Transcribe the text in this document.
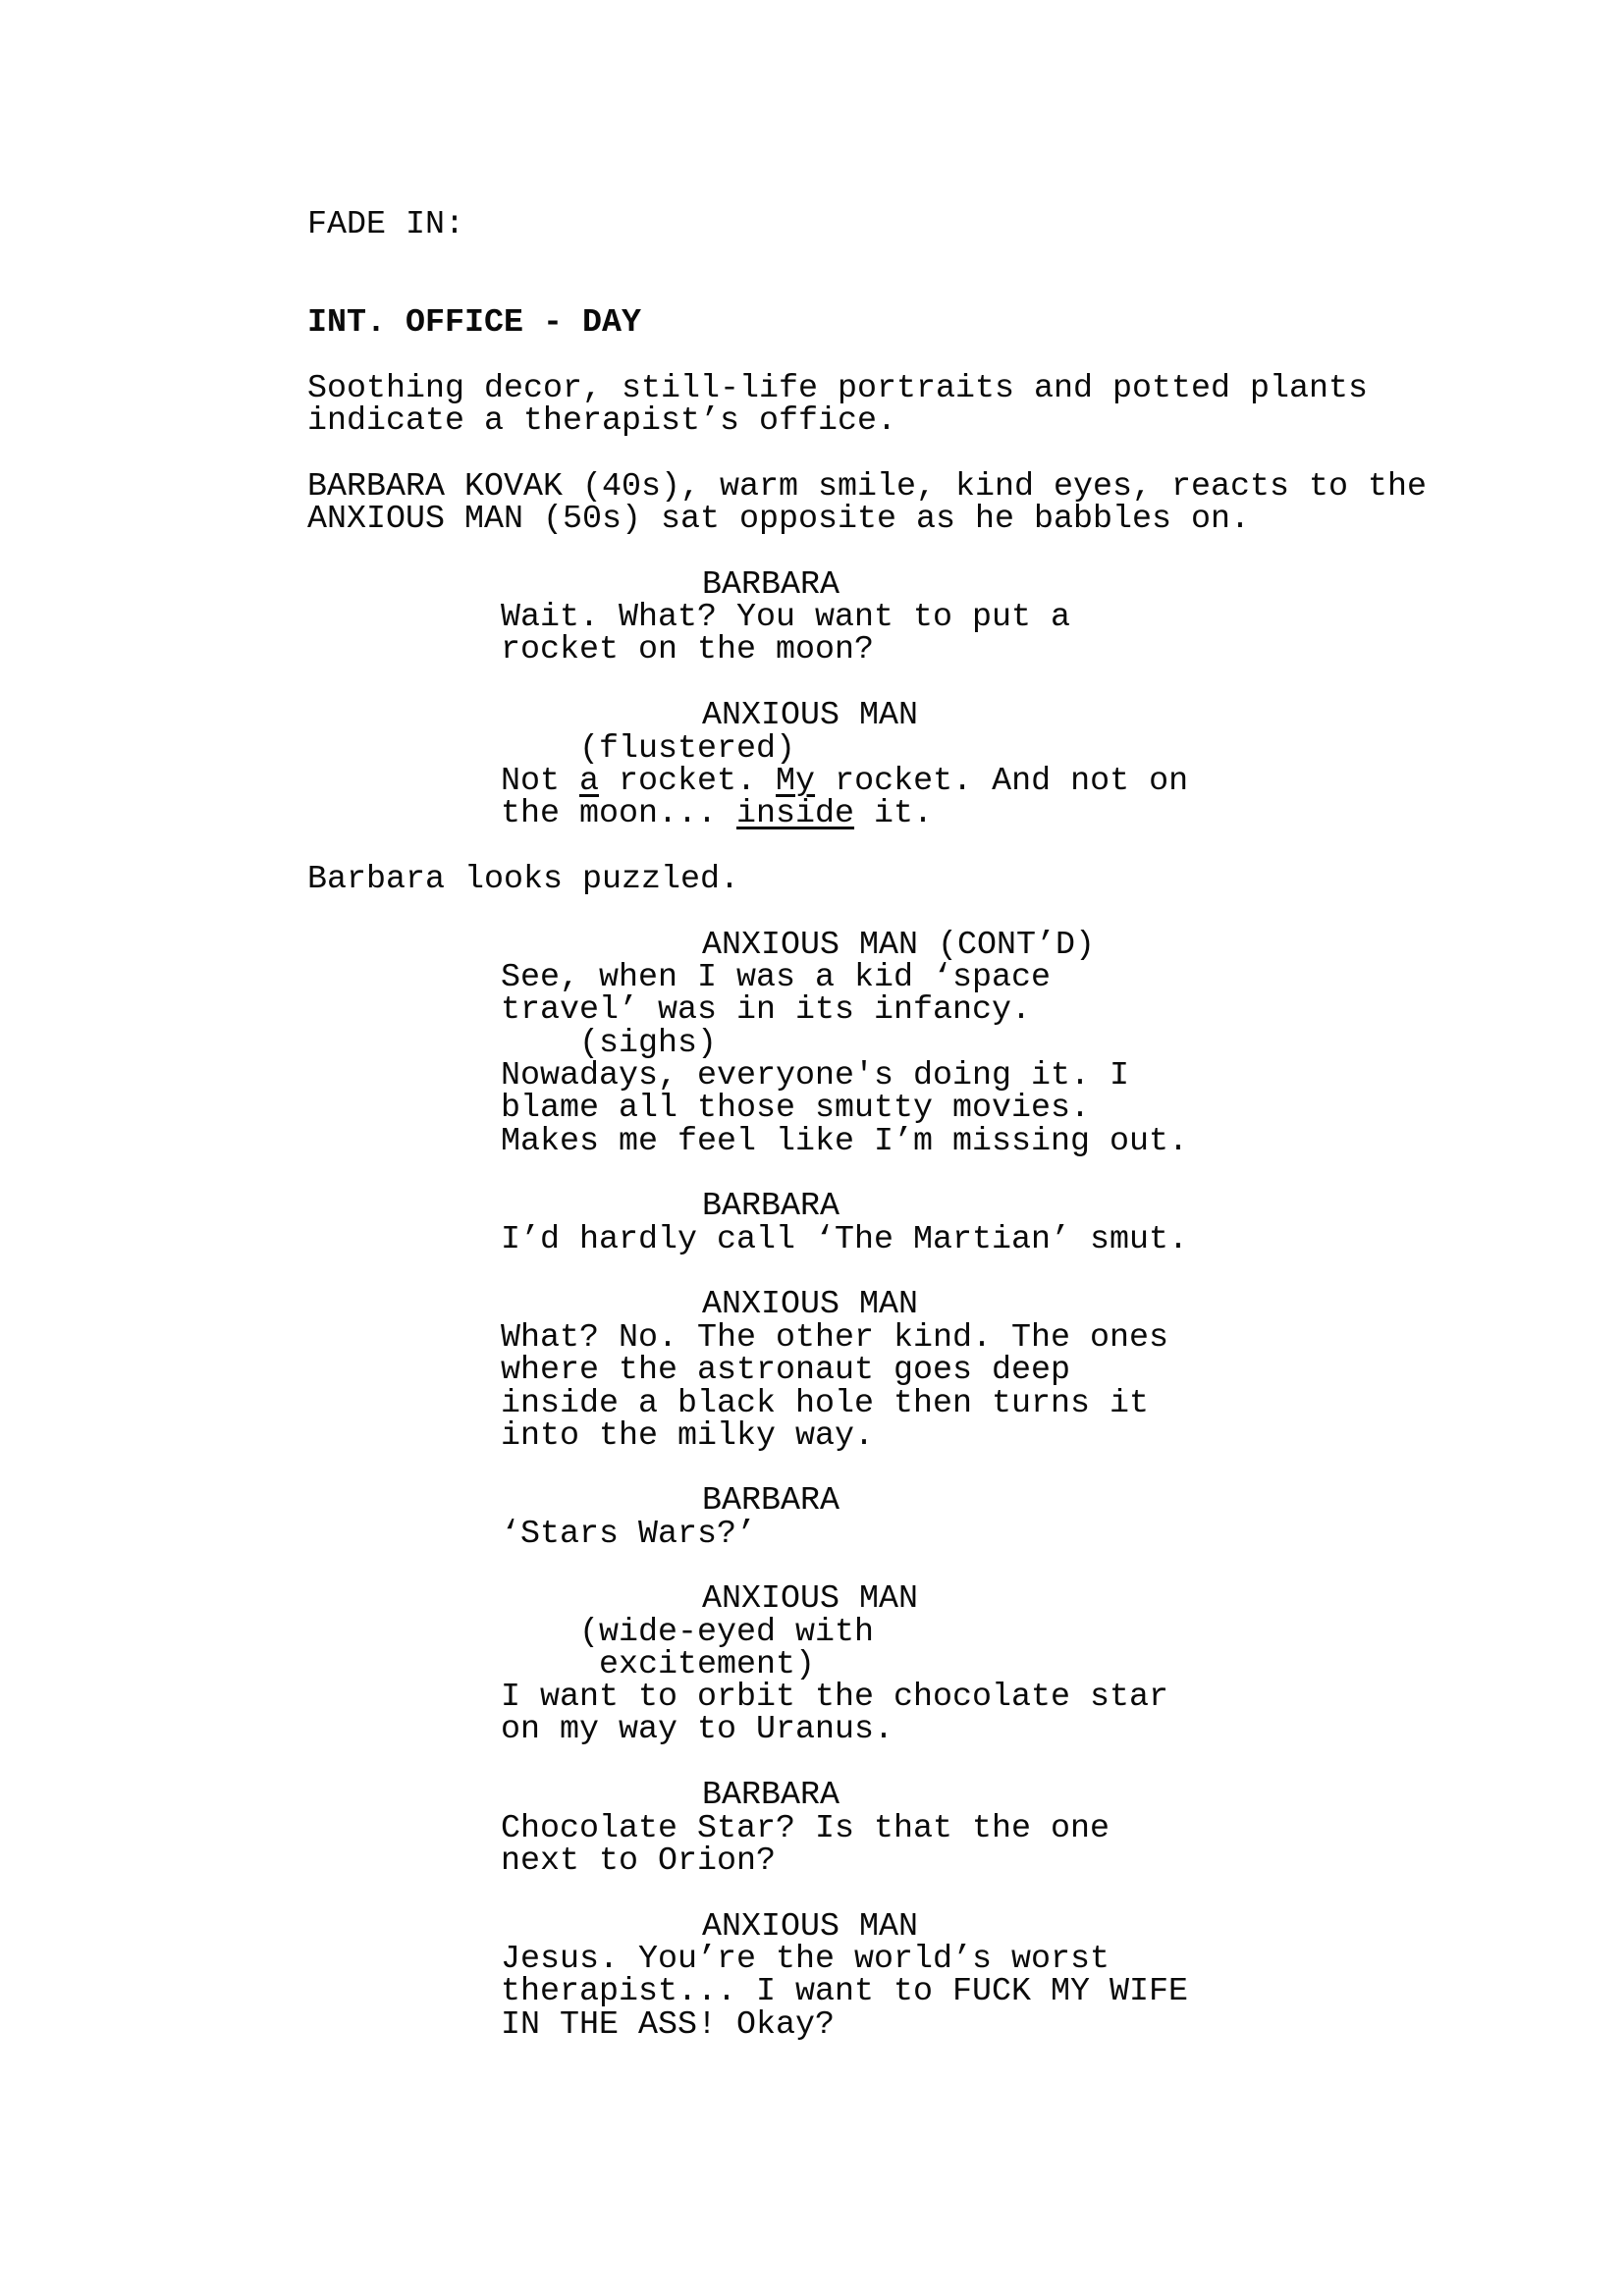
FADE IN:
INT. OFFICE - DAY
Soothing decor, still-life portraits and potted plants
indicate a therapist’s office.
BARBARA KOVAK (40s), warm smile, kind eyes, reacts to the
ANXIOUS MAN (50s) sat opposite as he babbles on.
BARBARA
Wait. What? You want to put a
rocket on the moon?
ANXIOUS MAN
(flustered)
Not a rocket. My rocket. And not on
the moon... inside it.
Barbara looks puzzled.
ANXIOUS MAN (CONT’D)
See, when I was a kid ‘space
travel’ was in its infancy.
(sighs)
Nowadays, everyone's doing it. I
blame all those smutty movies.
Makes me feel like I’m missing out.
BARBARA
I’d hardly call ‘The Martian’ smut.
ANXIOUS MAN
What? No. The other kind. The ones
where the astronaut goes deep
inside a black hole then turns it
into the milky way.
BARBARA
‘Stars Wars?’
ANXIOUS MAN
(wide-eyed with
excitement)
I want to orbit the chocolate star
on my way to Uranus.
BARBARA
Chocolate Star? Is that the one
next to Orion?
ANXIOUS MAN
Jesus. You’re the world’s worst
therapist... I want to FUCK MY WIFE
IN THE ASS! Okay?
